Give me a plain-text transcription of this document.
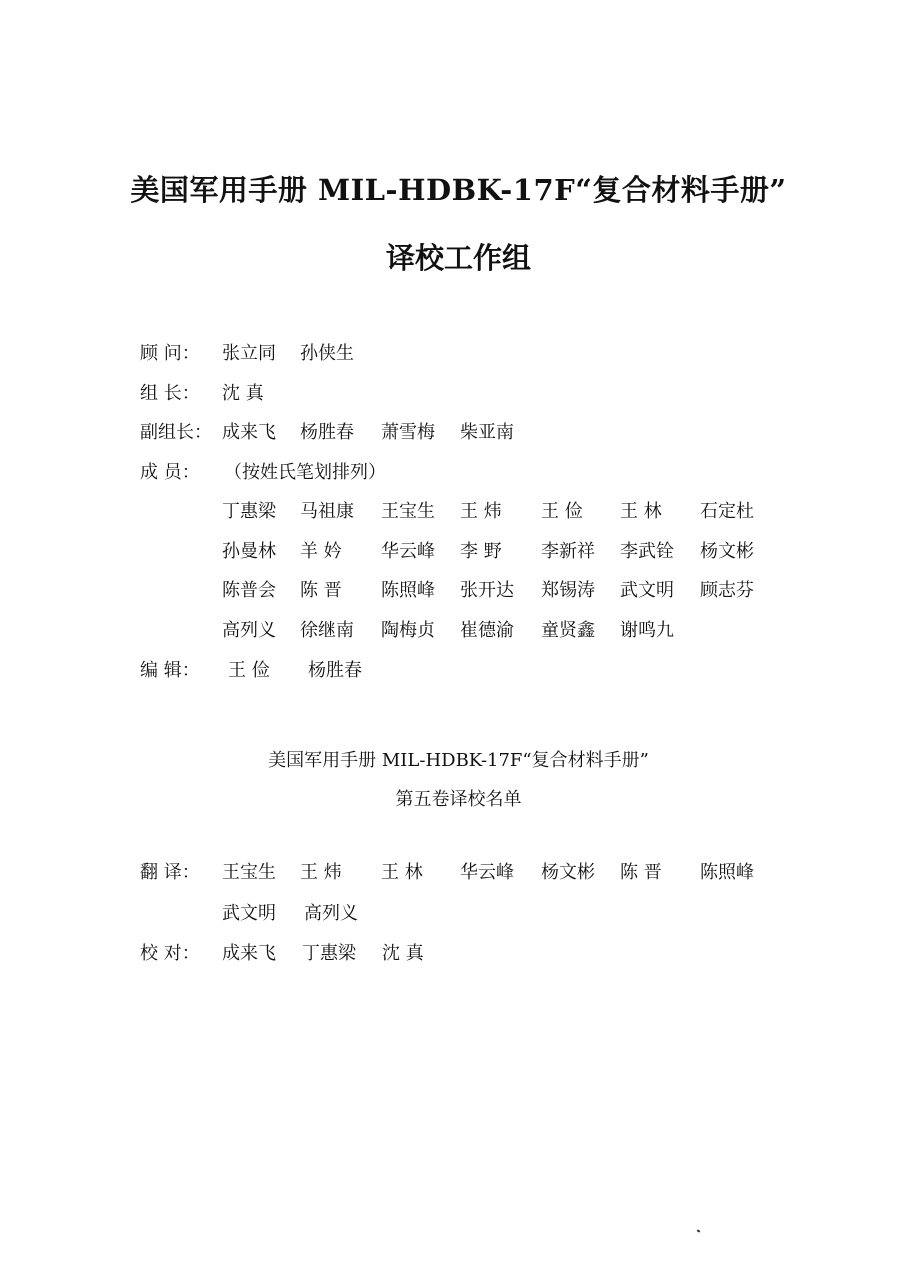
美国军用手册 MIL-HDBK-17F“复合材料手册”
译校工作组
顾 问：	张立同 孙侠生
组 长：	沈 真
副组长： 成来飞 杨胜春 萧雪梅 柴亚南
成 员：	（按姓氏笔划排列）
丁惠梁 马祖康 王宝生 王 炜 王 俭 王 林 石定杜
孙曼林 羊 妗 华云峰 李 野 李新祥 李武铨 杨文彬
陈普会 陈 晋 陈照峰 张开达 郑锡涛 武文明 顾志芬
高列义 徐继南 陶梅贞 崔德渝 童贤鑫 谢鸣九
编 辑：	王 俭 杨胜春
美国军用手册 MIL-HDBK-17F“复合材料手册”
第五卷译校名单
翻 译：	王宝生 王 炜 王 林 华云峰 杨文彬 陈 晋 陈照峰
武文明 高列义
校 对：	成来飞 丁惠梁 沈 真
